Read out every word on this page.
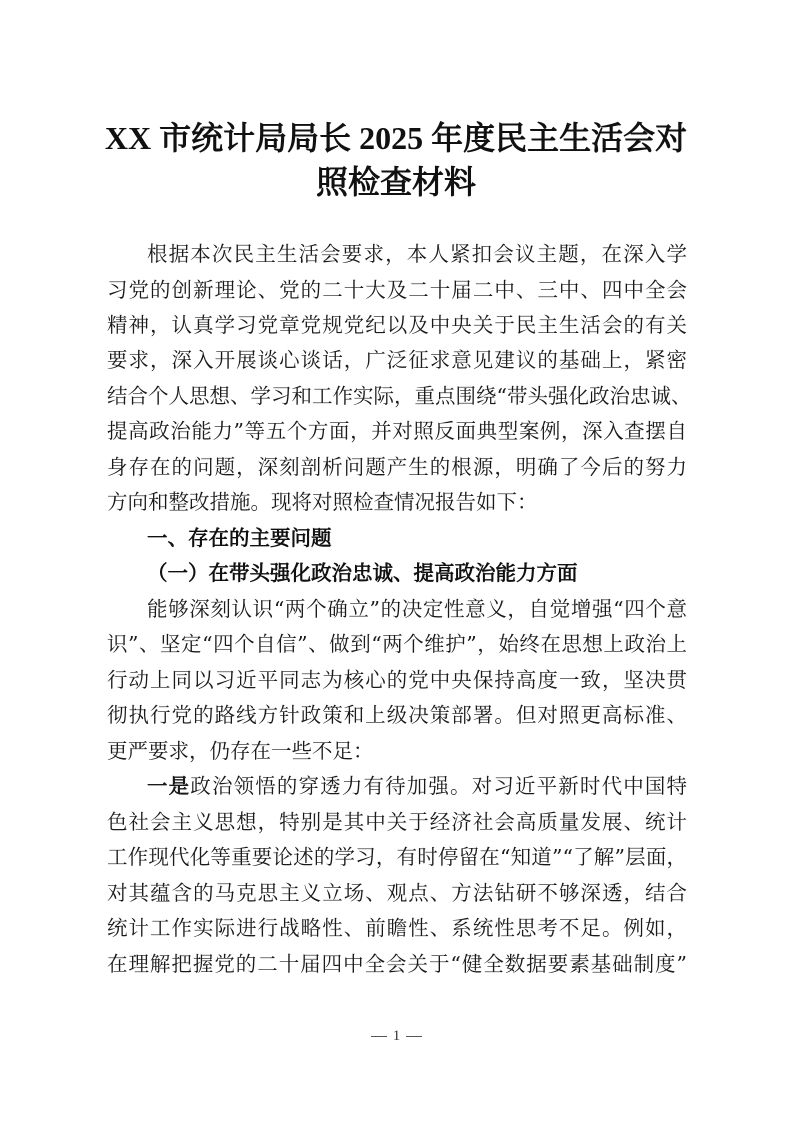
XX 市统计局局长 2025 年度民主生活会对
照检查材料
根据本次民主生活会要求，本人紧扣会议主题，在深入学
习党的创新理论、党的二十大及二十届二中、三中、四中全会
精神，认真学习党章党规党纪以及中央关于民主生活会的有关
要求，深入开展谈心谈话，广泛征求意见建议的基础上，紧密
结合个人思想、学习和工作实际，重点围绕“带头强化政治忠诚、
提高政治能力”等五个方面，并对照反面典型案例，深入查摆自
身存在的问题，深刻剖析问题产生的根源，明确了今后的努力
方向和整改措施。现将对照检查情况报告如下：
一、存在的主要问题
（一）在带头强化政治忠诚、提高政治能力方面
能够深刻认识“两个确立”的决定性意义，自觉增强“四个意
识”、坚定“四个自信”、做到“两个维护”，始终在思想上政治上
行动上同以习近平同志为核心的党中央保持高度一致，坚决贯
彻执行党的路线方针政策和上级决策部署。但对照更高标准、
更严要求，仍存在一些不足：
一是政治领悟的穿透力有待加强。对习近平新时代中国特
色社会主义思想，特别是其中关于经济社会高质量发展、统计
工作现代化等重要论述的学习，有时停留在“知道”“了解”层面，
对其蕴含的马克思主义立场、观点、方法钻研不够深透，结合
统计工作实际进行战略性、前瞻性、系统性思考不足。例如，
在理解把握党的二十届四中全会关于“健全数据要素基础制度”
1
